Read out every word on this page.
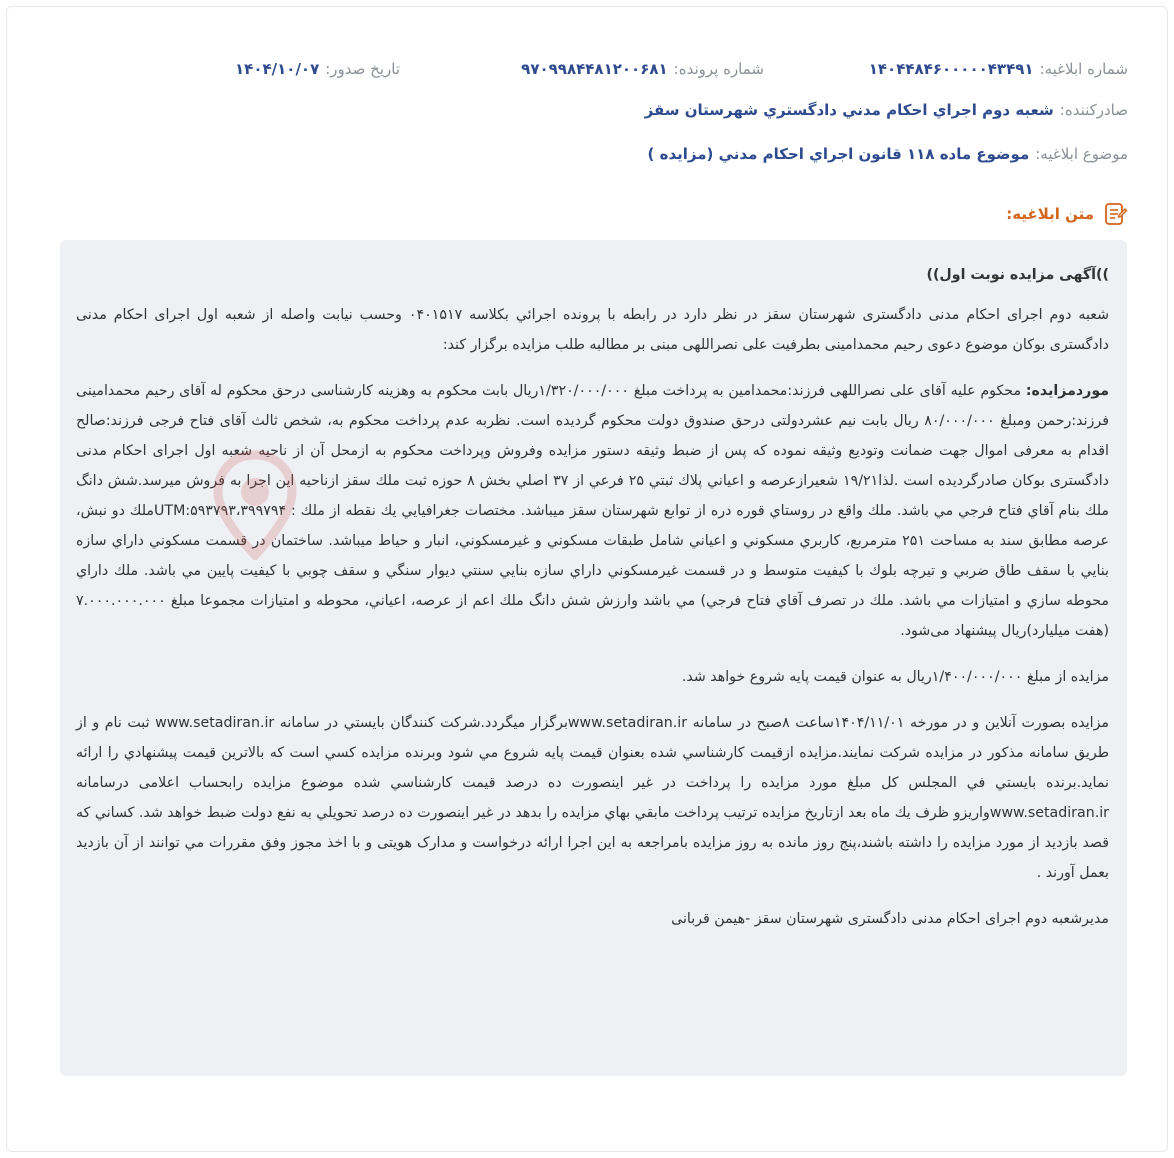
شماره ابلاغيه:
۱۴۰۴۴۸۴۶۰۰۰۰۰۴۳۴۹۱
شماره پرونده:
۹۷۰۹۹۸۴۴۸۱۲۰۰۶۸۱
تاريخ صدور:
۱۴۰۴/۱۰/۰۷
صادرکننده:
شعبه دوم اجراي احکام مدني دادگستري شهرستان سقز
موضوع ابلاغيه:
موضوع ماده ۱۱۸ قانون اجراي احکام مدني (مزايده )
متن ابلاغیه:

))آگهی مزایده نوبت اول))

شعبه دوم اجرای احکام مدنی دادگستری شهرستان سقز در نظر دارد در رابطه با پرونده اجرائي بکلاسه ۰۴۰۱۵۱۷ وحسب نيابت واصله از شعبه اول اجرای احکام مدنی دادگستری بوکان موضوع دعوی رحیم محمدامینی بطرفیت علی نصراللهی مبنی بر مطالبه طلب مزایده برگزار کند:

موردمزایده: محکوم علیه آقای علی نصراللهی فرزند:محمدامین به پرداخت مبلغ ۱/۳۲۰/۰۰۰/۰۰۰ریال بابت محکوم به وهزینه کارشناسی درحق محکوم له آقای رحیم محمدامینی فرزند:رحمن ومبلغ ۸۰/۰۰۰/۰۰۰ ریال بابت نیم عشردولتی درحق صندوق دولت محکوم گردیده است. نظربه عدم پرداخت محکوم به، شخص ثالث آقای فتاح فرجی فرزند:صالح اقدام به معرفی اموال جهت ضمانت وتودیع وثیقه نموده که پس از ضبط وثیقه دستور مزایده وفروش وپرداخت محکوم به ازمحل آن از ناحیه شعبه اول اجرای احکام مدنی دادگستری بوکان صادرگردیده است .لذا۱۹/۲۱ شعيرازعرصه و اعياني پلاك ثبتي ۲۵ فرعي از ۳۷ اصلي بخش ۸ حوزه ثبت ملك سقز ازناحیه این اجرا به فروش میرسد.شش دانگ ملك بنام آقاي فتاح فرجي مي باشد. ملك واقع در روستاي قوره دره از توابع شهرستان سقز ميباشد. مختصات جغرافيايي يك نقطه از ملك : UTM:۵۹۳۷۹۳،۳۹۹۷۹۴ملك دو نبش، عرصه مطابق سند به مساحت ۲۵۱ مترمربع، كاربري مسكوني و اعياني شامل طبقات مسكوني و غيرمسكوني، انبار و حياط ميباشد. ساختمان در قسمت مسكوني داراي سازه بنايي با سقف طاق ضربي و تيرچه بلوك با كيفيت متوسط و در قسمت غيرمسكوني داراي سازه بنايي سنتي ديوار سنگي و سقف چوبي با كيفيت پايين مي باشد. ملك داراي محوطه سازي و امتيازات مي باشد. ملك در تصرف آقاي فتاح فرجي) مي باشد وارزش شش دانگ ملك اعم از عرصه، اعياني، محوطه و امتيازات مجموعا مبلغ ۷.۰۰۰.۰۰۰.۰۰۰ (هفت ميليارد)ريال پيشنهاد می‌شود.

مزایده از مبلغ ۱/۴۰۰/۰۰۰/۰۰۰ریال به عنوان قیمت پایه شروع خواهد شد.

مزايده بصورت آنلاين و در مورخه ۱۴۰۴/۱۱/۰۱ساعت ۸صبح در سامانه www.setadiran.irبرگزار ميگردد.شرکت کنندگان بايستي در سامانه www.setadiran.ir ثبت نام و از طريق سامانه مذکور در مزايده شرکت نمايند.مزايده ازقيمت کارشناسي شده بعنوان قيمت پايه شروع مي شود وبرنده مزايده کسي است که بالاترين قيمت پيشنهادي را ارائه نمايد.برنده بايستي في المجلس کل مبلغ مورد مزايده را پرداخت در غير اينصورت ده درصد قيمت کارشناسي شده موضوع مزايده رابحساب اعلامی درسامانه www.setadiran.irواريزو ظرف يك ماه بعد ازتاريخ مزايده ترتيب پرداخت مابقي بهاي مزايده را بدهد در غير اينصورت ده درصد تحويلي به نفع دولت ضبط خواهد شد. کساني که قصد بازديد از مورد مزايده را داشته باشند،پنج روز مانده به روز مزايده بامراجعه به اين اجرا ارائه درخواست و مدارک هويتی و با اخذ مجوز وفق مقررات مي توانند از آن بازديد بعمل آورند .

مديرشعبه دوم اجرای احکام مدنی دادگستری شهرستان سقز -هيمن قربانی
